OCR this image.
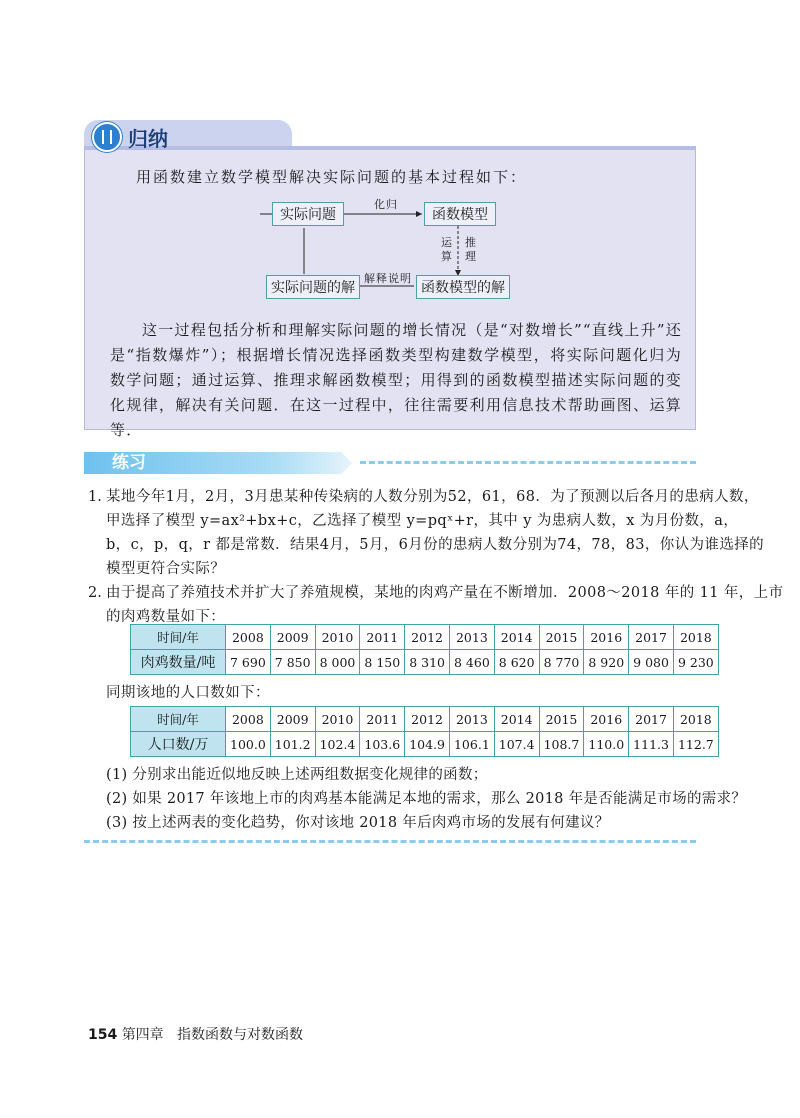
归纳
用函数建立数学模型解决实际问题的基本过程如下：
实际问题	函数模型
实际问题的解	函数模型的解
化归
运
算
推
理
解释说明
这一过程包括分析和理解实际问题的增长情况（是“对数增长”“直线上升”还是“指数爆炸”）；根据增长情况选择函数类型构建数学模型，将实际问题化归为数学问题；通过运算、推理求解函数模型；用得到的函数模型描述实际问题的变化规律，解决有关问题．在这一过程中，往往需要利用信息技术帮助画图、运算等．
练习
1. 某地今年1月，2月，3月患某种传染病的人数分别为52，61，68．为了预测以后各月的患病人数，
甲选择了模型 y=ax²+bx+c，乙选择了模型 y=pqˣ+r，其中 y 为患病人数，x 为月份数，a，
b，c，p，q，r 都是常数．结果4月，5月，6月份的患病人数分别为74，78，83，你认为谁选择的
模型更符合实际？
2. 由于提高了养殖技术并扩大了养殖规模，某地的肉鸡产量在不断增加．2008～2018 年的 11 年，上市
的肉鸡数量如下：
时间/年	2008	2009	2010	2011	2012	2013	2014	2015	2016	2017	2018
肉鸡数量/吨	7 690	7 850	8 000	8 150	8 310	8 460	8 620	8 770	8 920	9 080	9 230
同期该地的人口数如下：
时间/年	2008	2009	2010	2011	2012	2013	2014	2015	2016	2017	2018
人口数/万	100.0	101.2	102.4	103.6	104.9	106.1	107.4	108.7	110.0	111.3	112.7
(1) 分别求出能近似地反映上述两组数据变化规律的函数；
(2) 如果 2017 年该地上市的肉鸡基本能满足本地的需求，那么 2018 年是否能满足市场的需求？
(3) 按上述两表的变化趋势，你对该地 2018 年后肉鸡市场的发展有何建议？
154 第四章 指数函数与对数函数
